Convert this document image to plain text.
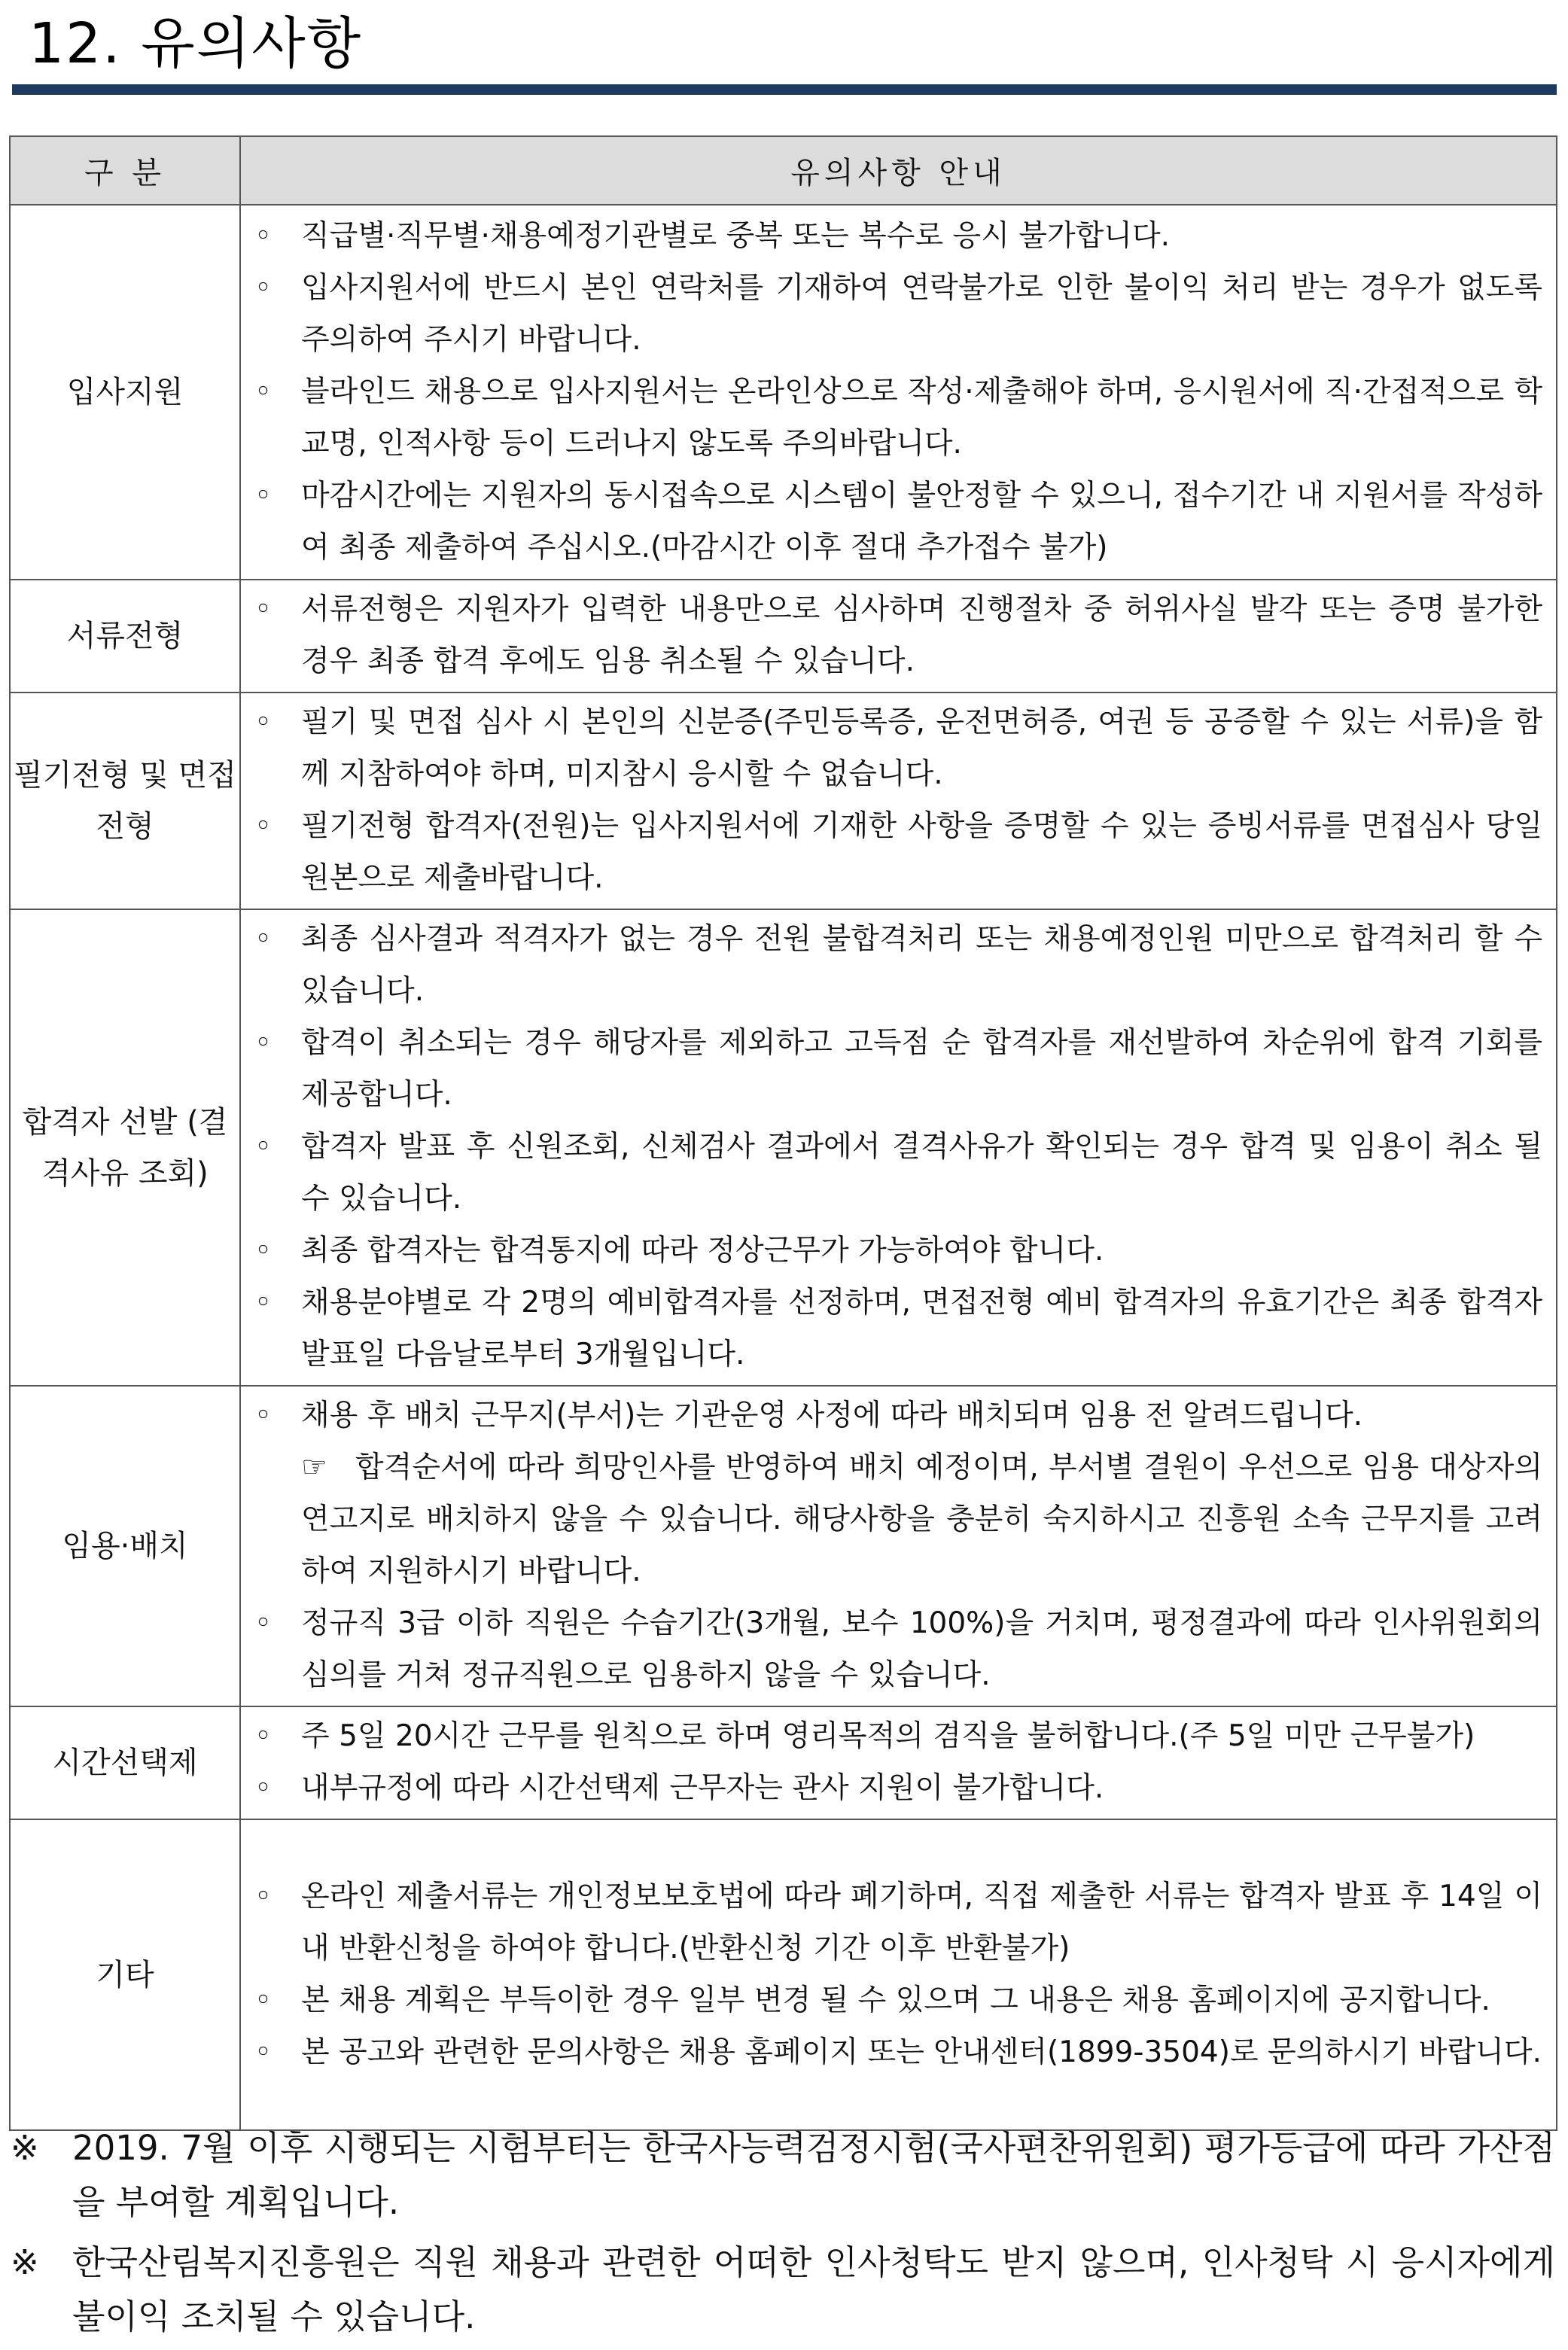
12. 유의사항
구 분	유의사항 안내
입사지원	◦ 직급별·직무별·채용예정기관별로 중복 또는 복수로 응시 불가합니다.
◦ 입사지원서에 반드시 본인 연락처를 기재하여 연락불가로 인한 불이익 처리 받는 경우가 없도록 주의하여 주시기 바랍니다.
◦ 블라인드 채용으로 입사지원서는 온라인상으로 작성·제출해야 하며, 응시원서에 직·간접적으로 학교명, 인적사항 등이 드러나지 않도록 주의바랍니다.
◦ 마감시간에는 지원자의 동시접속으로 시스템이 불안정할 수 있으니, 접수기간 내 지원서를 작성하여 최종 제출하여 주십시오.(마감시간 이후 절대 추가접수 불가)

서류전형	◦ 서류전형은 지원자가 입력한 내용만으로 심사하며 진행절차 중 허위사실 발각 또는 증명 불가한 경우 최종 합격 후에도 임용 취소될 수 있습니다.

필기전형 및 면접전형	◦ 필기 및 면접 심사 시 본인의 신분증(주민등록증, 운전면허증, 여권 등 공증할 수 있는 서류)을 함께 지참하여야 하며, 미지참시 응시할 수 없습니다.
◦ 필기전형 합격자(전원)는 입사지원서에 기재한 사항을 증명할 수 있는 증빙서류를 면접심사 당일 원본으로 제출바랍니다.

합격자 선발 (결격사유 조회)	◦ 최종 심사결과 적격자가 없는 경우 전원 불합격처리 또는 채용예정인원 미만으로 합격처리 할 수 있습니다.
◦ 합격이 취소되는 경우 해당자를 제외하고 고득점 순 합격자를 재선발하여 차순위에 합격 기회를 제공합니다.
◦ 합격자 발표 후 신원조회, 신체검사 결과에서 결격사유가 확인되는 경우 합격 및 임용이 취소 될 수 있습니다.
◦ 최종 합격자는 합격통지에 따라 정상근무가 가능하여야 합니다.
◦ 채용분야별로 각 2명의 예비합격자를 선정하며, 면접전형 예비 합격자의 유효기간은 최종 합격자 발표일 다음날로부터 3개월입니다.

임용·배치	◦ 채용 후 배치 근무지(부서)는 기관운영 사정에 따라 배치되며 임용 전 알려드립니다.
☞ 합격순서에 따라 희망인사를 반영하여 배치 예정이며, 부서별 결원이 우선으로 임용 대상자의 연고지로 배치하지 않을 수 있습니다. 해당사항을 충분히 숙지하시고 진흥원 소속 근무지를 고려하여 지원하시기 바랍니다.
◦ 정규직 3급 이하 직원은 수습기간(3개월, 보수 100%)을 거치며, 평정결과에 따라 인사위원회의 심의를 거쳐 정규직원으로 임용하지 않을 수 있습니다.

시간선택제	◦ 주 5일 20시간 근무를 원칙으로 하며 영리목적의 겸직을 불허합니다.(주 5일 미만 근무불가)
◦ 내부규정에 따라 시간선택제 근무자는 관사 지원이 불가합니다.

기타	◦ 온라인 제출서류는 개인정보보호법에 따라 폐기하며, 직접 제출한 서류는 합격자 발표 후 14일 이내 반환신청을 하여야 합니다.(반환신청 기간 이후 반환불가)
◦ 본 채용 계획은 부득이한 경우 일부 변경 될 수 있으며 그 내용은 채용 홈페이지에 공지합니다.
◦ 본 공고와 관련한 문의사항은 채용 홈페이지 또는 안내센터(1899-3504)로 문의하시기 바랍니다.
※ 2019. 7월 이후 시행되는 시험부터는 한국사능력검정시험(국사편찬위원회) 평가등급에 따라 가산점을 부여할 계획입니다.
※ 한국산림복지진흥원은 직원 채용과 관련한 어떠한 인사청탁도 받지 않으며, 인사청탁 시 응시자에게 불이익 조치될 수 있습니다.
